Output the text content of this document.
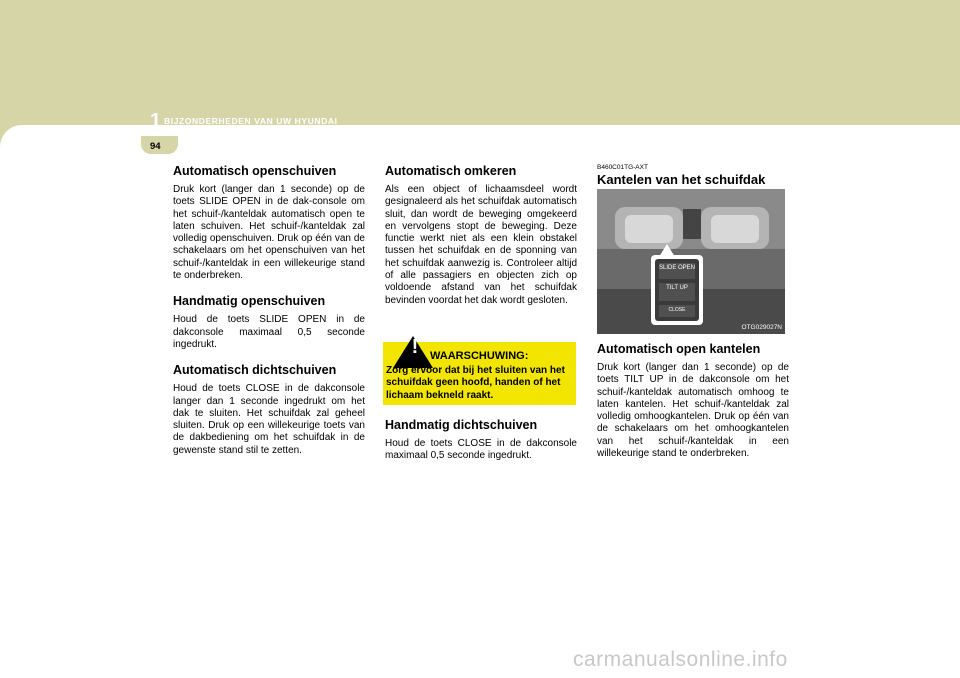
1 BIJZONDERHEDEN VAN UW HYUNDAI
94
Automatisch openschuiven

Druk kort (langer dan 1 seconde) op de toets SLIDE OPEN in de dak-console om het schuif-/kanteldak automatisch open te laten schuiven. Het schuif-/kanteldak zal volledig openschuiven. Druk op één van de schakelaars om het openschuiven van het schuif-/kanteldak in een willekeurige stand te onderbreken.

Handmatig openschuiven

Houd de toets SLIDE OPEN in de dakconsole maximaal 0,5 seconde ingedrukt.

Automatisch dichtschuiven

Houd de toets CLOSE in de dakconsole langer dan 1 seconde ingedrukt om het dak te sluiten. Het schuifdak zal geheel sluiten. Druk op een willekeurige toets van de dakbediening om het schuifdak in de gewenste stand stil te zetten.

Automatisch omkeren

Als een object of lichaamsdeel wordt gesignaleerd als het schuifdak automatisch sluit, dan wordt de beweging omgekeerd en vervolgens stopt de beweging. Deze functie werkt niet als een klein obstakel tussen het schuifdak en de sponning van het schuifdak aanwezig is. Controleer altijd of alle passagiers en objecten zich op voldoende afstand van het schuifdak bevinden voordat het dak wordt gesloten.

!	WAARSCHUWING:
Zorg ervoor dat bij het sluiten van het schuifdak geen hoofd, handen of het lichaam bekneld raakt.
Handmatig dichtschuiven

Houd de toets CLOSE in de dakconsole maximaal 0,5 seconde ingedrukt.

B460C01TG-AXT
Kantelen van het schuifdak
SLIDE OPEN
TILT UP
CLOSE
OTG029027N
Automatisch open kantelen

Druk kort (langer dan 1 seconde) op de toets TILT UP in de dakconsole om het schuif-/kanteldak automatisch omhoog te laten kantelen. Het schuif-/kanteldak zal volledig omhoogkantelen. Druk op één van de schakelaars om het omhoogkantelen van het schuif-/kanteldak in een willekeurige stand te onderbreken.

carmanualsonline.info
